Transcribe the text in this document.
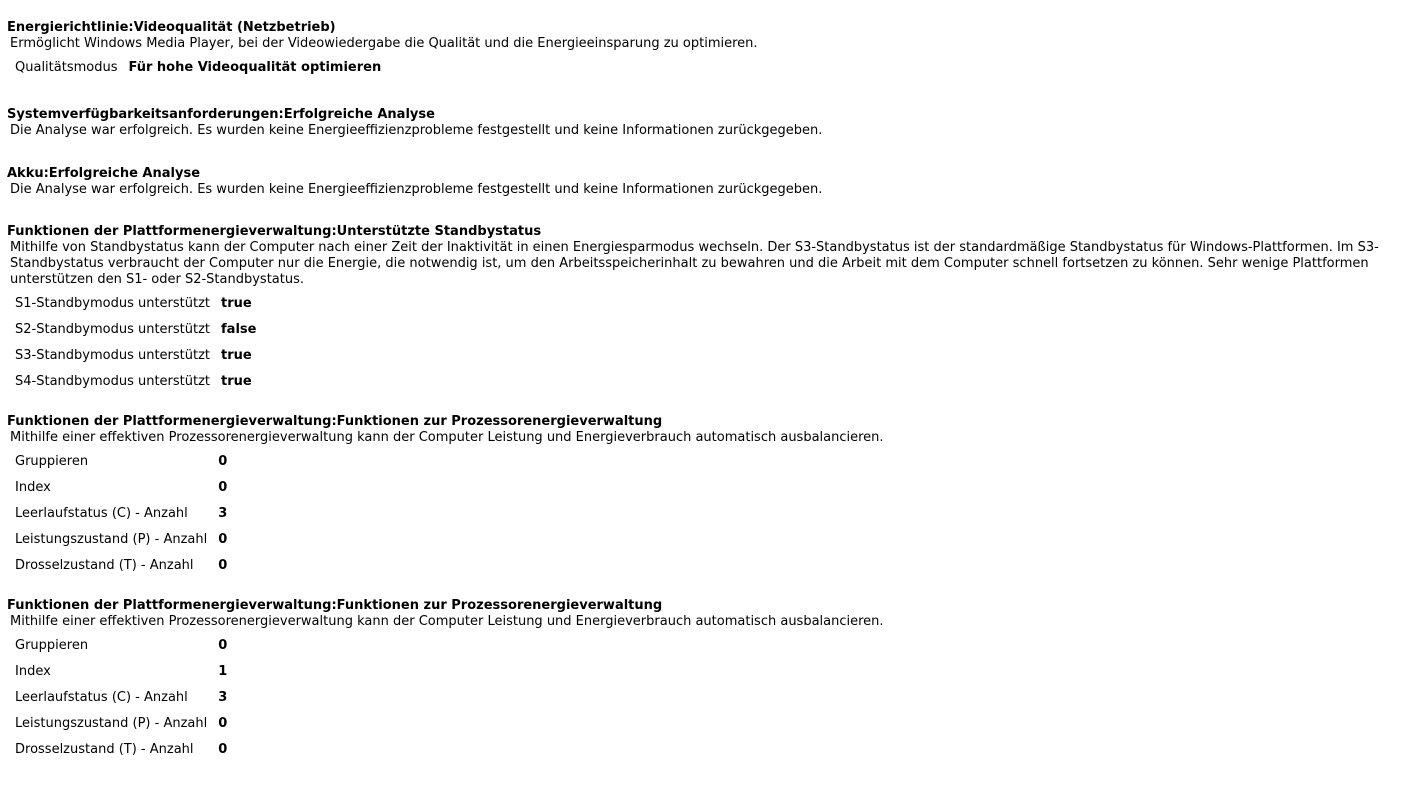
Energierichtlinie:Videoqualität (Netzbetrieb)

Ermöglicht Windows Media Player, bei der Videowiedergabe die Qualität und die Energieeinsparung zu optimieren.

Qualitätsmodus	Für hohe Videoqualität optimieren

Systemverfügbarkeitsanforderungen:Erfolgreiche Analyse

Die Analyse war erfolgreich. Es wurden keine Energieeffizienzprobleme festgestellt und keine Informationen zurückgegeben.

Akku:Erfolgreiche Analyse

Die Analyse war erfolgreich. Es wurden keine Energieeffizienzprobleme festgestellt und keine Informationen zurückgegeben.

Funktionen der Plattformenergieverwaltung:Unterstützte Standbystatus

Mithilfe von Standbystatus kann der Computer nach einer Zeit der Inaktivität in einen Energiesparmodus wechseln. Der S3-Standbystatus ist der standardmäßige Standbystatus für Windows-Plattformen. Im S3-Standbystatus verbraucht der Computer nur die Energie, die notwendig ist, um den Arbeitsspeicherinhalt zu bewahren und die Arbeit mit dem Computer schnell fortsetzen zu können. Sehr wenige Plattformen unterstützen den S1- oder S2-Standbystatus.

S1-Standbymodus unterstützt	true
S2-Standbymodus unterstützt	false
S3-Standbymodus unterstützt	true
S4-Standbymodus unterstützt	true

Funktionen der Plattformenergieverwaltung:Funktionen zur Prozessorenergieverwaltung

Mithilfe einer effektiven Prozessorenergieverwaltung kann der Computer Leistung und Energieverbrauch automatisch ausbalancieren.

Gruppieren	0
Index	0
Leerlaufstatus (C) - Anzahl	3
Leistungszustand (P) - Anzahl	0
Drosselzustand (T) - Anzahl	0

Funktionen der Plattformenergieverwaltung:Funktionen zur Prozessorenergieverwaltung

Mithilfe einer effektiven Prozessorenergieverwaltung kann der Computer Leistung und Energieverbrauch automatisch ausbalancieren.

Gruppieren	0
Index	1
Leerlaufstatus (C) - Anzahl	3
Leistungszustand (P) - Anzahl	0
Drosselzustand (T) - Anzahl	0
